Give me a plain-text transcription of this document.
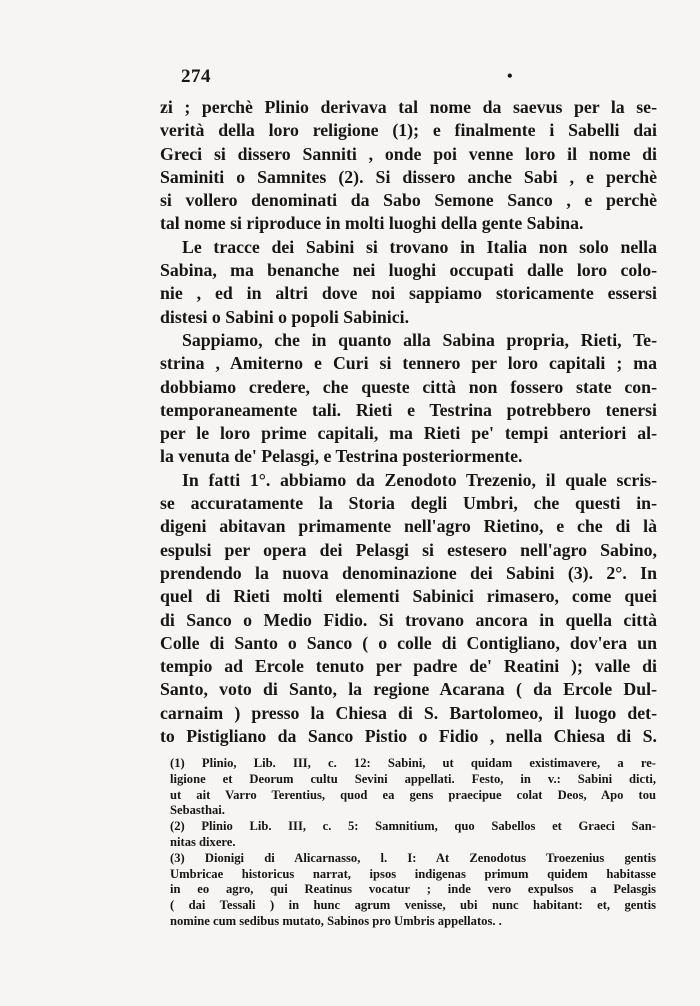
274	•
zi ; perchè Plinio derivava tal nome da saevus per la se-
verità della loro religione (1); e finalmente i Sabelli dai
Greci si dissero Sanniti , onde poi venne loro il nome di
Saminiti o Samnites (2). Si dissero anche Sabi , e perchè
si vollero denominati da Sabo Semone Sanco , e perchè
tal nome si riproduce in molti luoghi della gente Sabina.
Le tracce dei Sabini si trovano in Italia non solo nella
Sabina, ma benanche nei luoghi occupati dalle loro colo-
nie , ed in altri dove noi sappiamo storicamente essersi
distesi o Sabini o popoli Sabinici.
Sappiamo, che in quanto alla Sabina propria, Rieti, Te-
strina , Amiterno e Curi si tennero per loro capitali ; ma
dobbiamo credere, che queste città non fossero state con-
temporaneamente tali. Rieti e Testrina potrebbero tenersi
per le loro prime capitali, ma Rieti pe' tempi anteriori al-
la venuta de' Pelasgi, e Testrina posteriormente.
In fatti 1°. abbiamo da Zenodoto Trezenio, il quale scris-
se accuratamente la Storia degli Umbri, che questi in-
digeni abitavan primamente nell'agro Rietino, e che di là
espulsi per opera dei Pelasgi si estesero nell'agro Sabino,
prendendo la nuova denominazione dei Sabini (3). 2°. In
quel di Rieti molti elementi Sabinici rimasero, come quei
di Sanco o Medio Fidio. Si trovano ancora in quella città
Colle di Santo o Sanco ( o colle di Contigliano, dov'era un
tempio ad Ercole tenuto per padre de' Reatini ); valle di
Santo, voto di Santo, la regione Acarana ( da Ercole Dul-
carnaim ) presso la Chiesa di S. Bartolomeo, il luogo det-
to Pistigliano da Sanco Pistio o Fidio , nella Chiesa di S.
(1) Plinio, Lib. III, c. 12: Sabini, ut quidam existimavere, a re-
ligione et Deorum cultu Sevini appellati. Festo, in v.: Sabini dicti,
ut ait Varro Terentius, quod ea gens praecipue colat Deos, Apo tou
Sebasthai.
(2) Plinio Lib. III, c. 5: Samnitium, quo Sabellos et Graeci San-
nitas dixere.
(3) Dionigi di Alicarnasso, l. I: At Zenodotus Troezenius gentis
Umbricae historicus narrat, ipsos indigenas primum quidem habitasse
in eo agro, qui Reatinus vocatur ; inde vero expulsos a Pelasgis
( dai Tessali ) in hunc agrum venisse, ubi nunc habitant: et, gentis
nomine cum sedibus mutato, Sabinos pro Umbris appellatos. .
